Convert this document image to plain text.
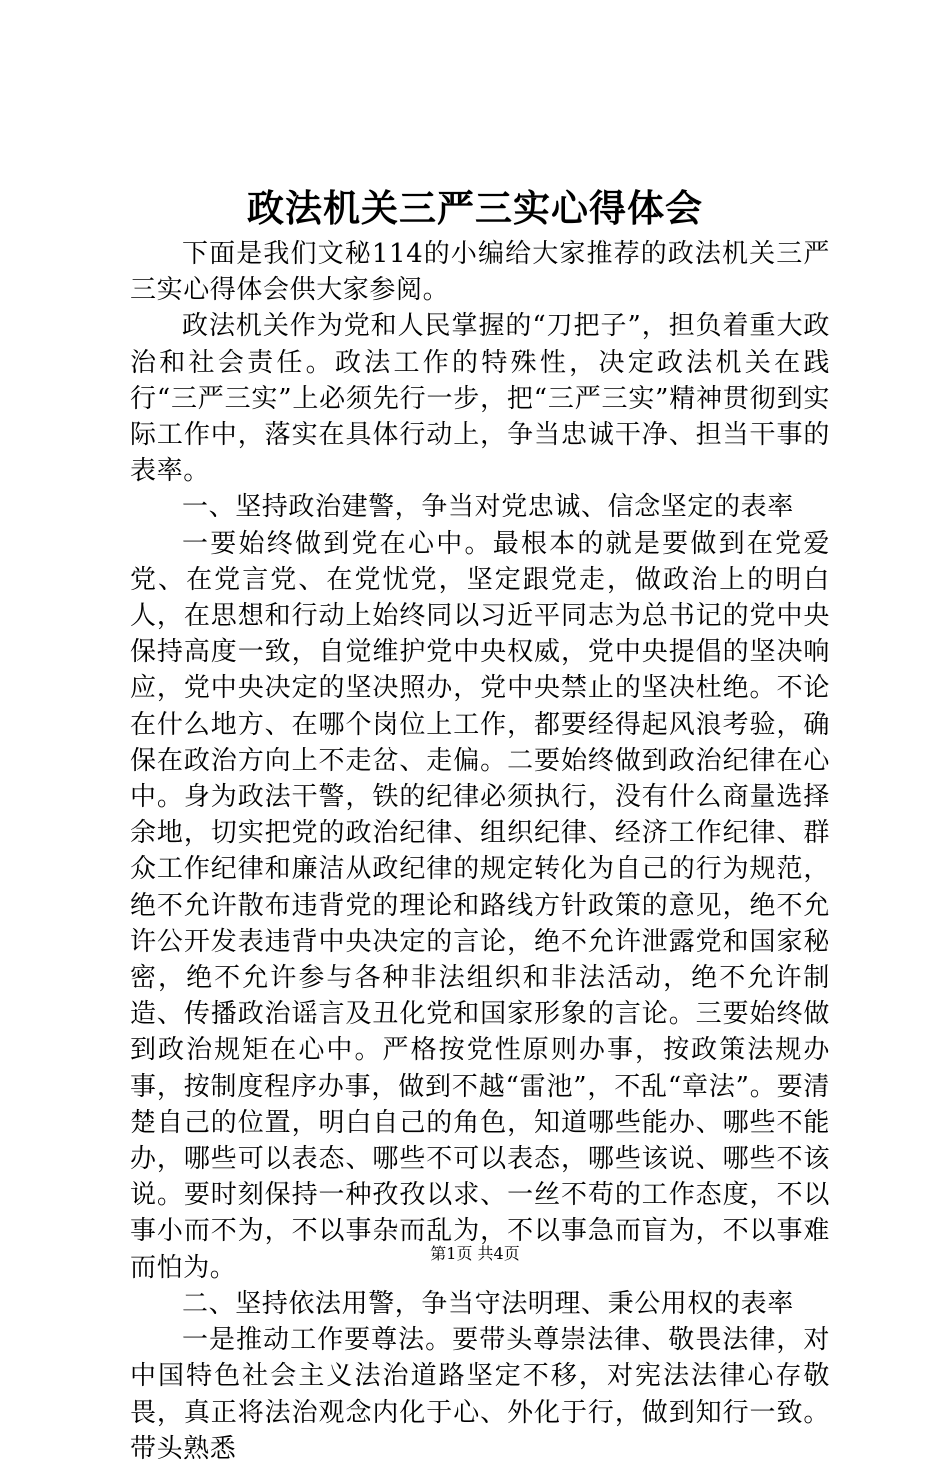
政法机关三严三实心得体会

下面是我们文秘114的小编给大家推荐的政法机关三严三实心得体会供大家参阅。

政法机关作为党和人民掌握的“刀把子”，担负着重大政治和社会责任。政法工作的特殊性，决定政法机关在践行“三严三实”上必须先行一步，把“三严三实”精神贯彻到实际工作中，落实在具体行动上，争当忠诚干净、担当干事的表率。

一、坚持政治建警，争当对党忠诚、信念坚定的表率

一要始终做到党在心中。最根本的就是要做到在党爱党、在党言党、在党忧党，坚定跟党走，做政治上的明白人，在思想和行动上始终同以习近平同志为总书记的党中央保持高度一致，自觉维护党中央权威，党中央提倡的坚决响应，党中央决定的坚决照办，党中央禁止的坚决杜绝。不论在什么地方、在哪个岗位上工作，都要经得起风浪考验，确保在政治方向上不走岔、走偏。二要始终做到政治纪律在心中。身为政法干警，铁的纪律必须执行，没有什么商量选择余地，切实把党的政治纪律、组织纪律、经济工作纪律、群众工作纪律和廉洁从政纪律的规定转化为自己的行为规范，绝不允许散布违背党的理论和路线方针政策的意见，绝不允许公开发表违背中央决定的言论，绝不允许泄露党和国家秘密，绝不允许参与各种非法组织和非法活动，绝不允许制造、传播政治谣言及丑化党和国家形象的言论。三要始终做到政治规矩在心中。严格按党性原则办事，按政策法规办事，按制度程序办事，做到不越“雷池”，不乱“章法”。要清楚自己的位置，明白自己的角色，知道哪些能办、哪些不能办，哪些可以表态、哪些不可以表态，哪些该说、哪些不该说。要时刻保持一种孜孜以求、一丝不苟的工作态度，不以事小而不为，不以事杂而乱为，不以事急而盲为，不以事难而怕为。

二、坚持依法用警，争当守法明理、秉公用权的表率

一是推动工作要尊法。要带头尊崇法律、敬畏法律，对中国特色社会主义法治道路坚定不移，对宪法法律心存敬畏，真正将法治观念内化于心、外化于行，做到知行一致。带头熟悉

第1页 共4页
